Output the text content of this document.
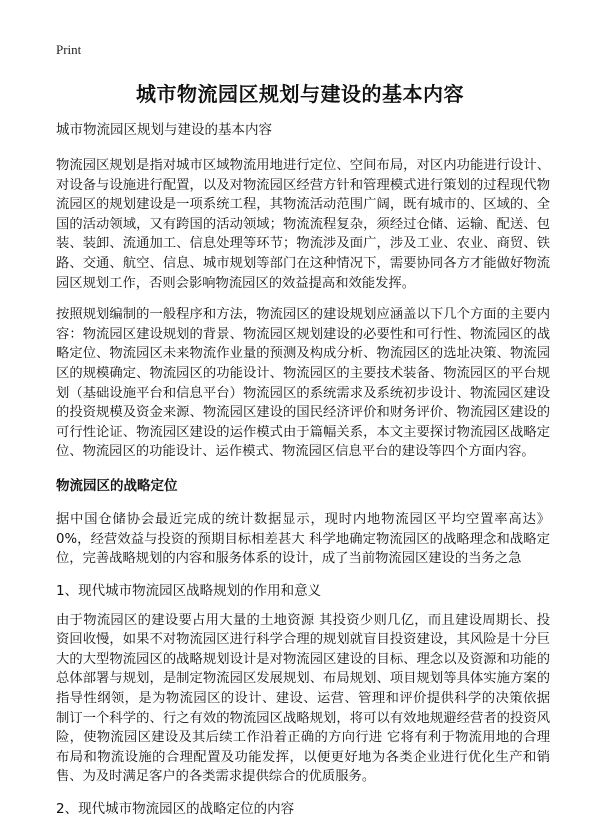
Print
城市物流园区规划与建设的基本内容

城市物流园区规划与建设的基本内容

物流园区规划是指对城市区域物流用地进行定位、空间布局，对区内功能进行设计、对设备与设施进行配置，以及对物流园区经营方针和管理模式进行策划的过程现代物流园区的规划建设是一项系统工程，其物流活动范围广阔，既有城市的、区域的、全国的活动领域，又有跨国的活动领域；物流流程复杂，须经过仓储、运输、配送、包装、装卸、流通加工、信息处理等环节；物流涉及面广，涉及工业、农业、商贸、铁路、交通、航空、信息、城市规划等部门在这种情况下，需要协同各方才能做好物流园区规划工作，否则会影响物流园区的效益提高和效能发挥。

按照规划编制的一般程序和方法，物流园区的建设规划应涵盖以下几个方面的主要内容：物流园区建设规划的背景、物流园区规划建设的必要性和可行性、物流园区的战略定位、物流园区未来物流作业量的预测及构成分析、物流园区的选址决策、物流园区的规模确定、物流园区的功能设计、物流园区的主要技术装备、物流园区的平台规划（基础设施平台和信息平台）物流园区的系统需求及系统初步设计、物流园区建设的投资规模及资金来源、物流园区建设的国民经济评价和财务评价、物流园区建设的可行性论证、物流园区建设的运作模式由于篇幅关系，本文主要探讨物流园区战略定位、物流园区的功能设计、运作模式、物流园区信息平台的建设等四个方面内容。

物流园区的战略定位

据中国仓储协会最近完成的统计数据显示，现时内地物流园区平均空置率高达》0%，经营效益与投资的预期目标相差甚大 科学地确定物流园区的战略理念和战略定位，完善战略规划的内容和服务体系的设计，成了当前物流园区建设的当务之急

1、现代城市物流园区战略规划的作用和意义

由于物流园区的建设要占用大量的土地资源 其投资少则几亿，而且建设周期长、投资回收慢，如果不对物流园区进行科学合理的规划就盲目投资建设，其风险是十分巨大的大型物流园区的战略规划设计是对物流园区建设的目标、理念以及资源和功能的总体部署与规划，是制定物流园区发展规划、布局规划、项目规划等具体实施方案的指导性纲领，是为物流园区的设计、建设、运营、管理和评价提供科学的决策依据 制订一个科学的、行之有效的物流园区战略规划，将可以有效地规避经营者的投资风险，使物流园区建设及其后续工作沿着正确的方向行进 它将有利于物流用地的合理布局和物流设施的合理配置及功能发挥，以便更好地为各类企业进行优化生产和销售、为及时满足客户的各类需求提供综合的优质服务。

2、现代城市物流园区的战略定位的内容
